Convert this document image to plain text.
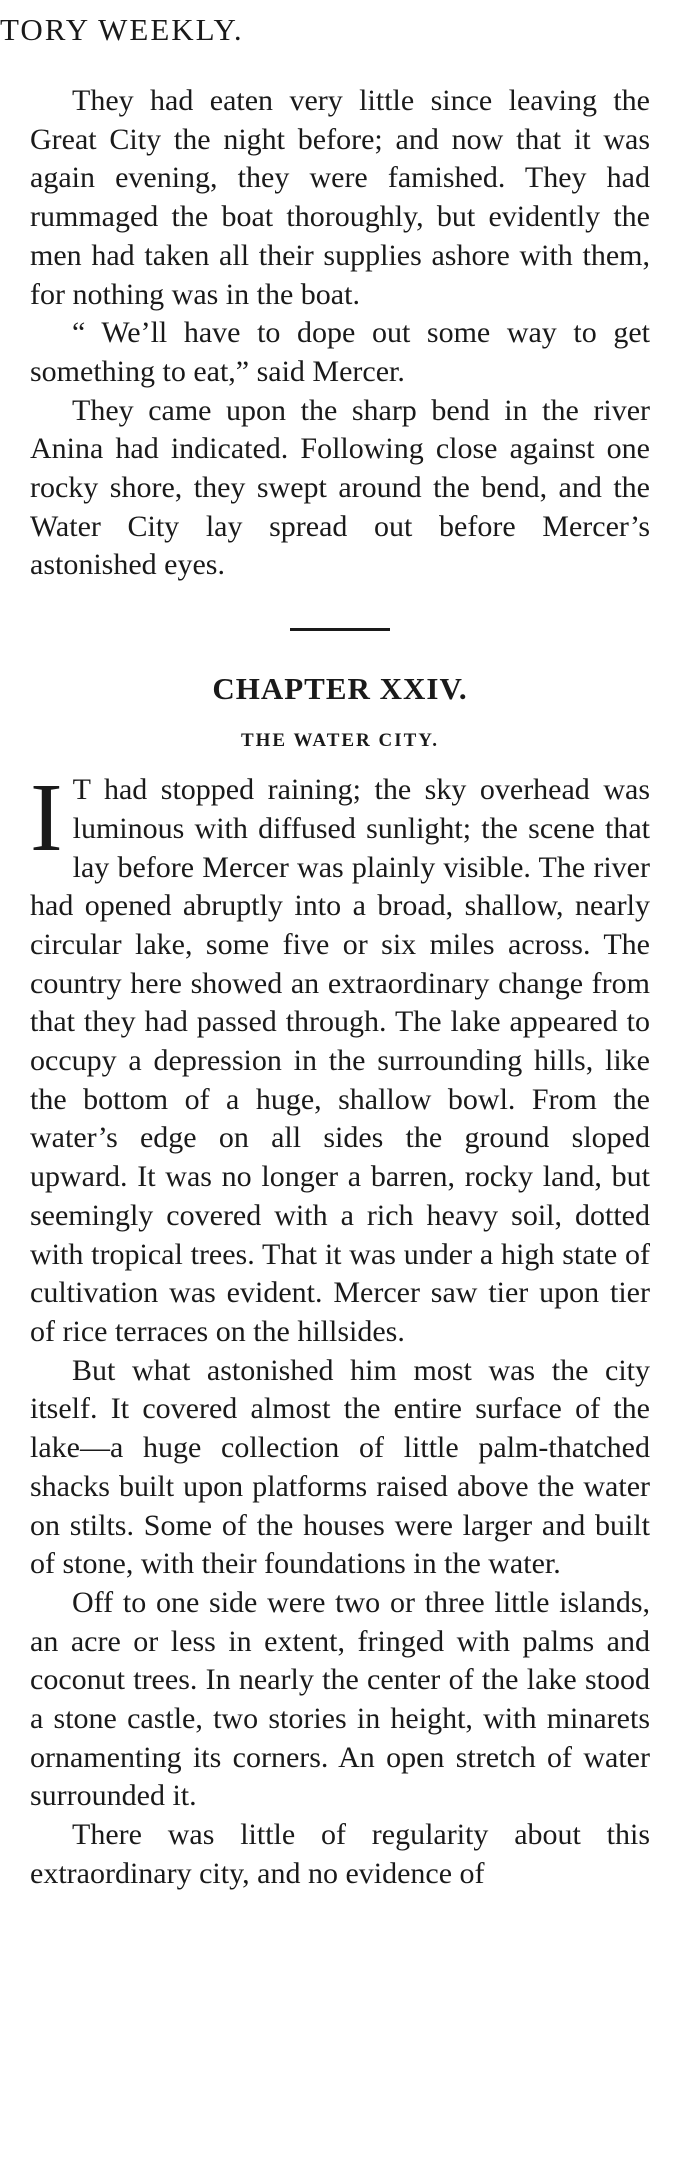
TORY WEEKLY.

They had eaten very little since leaving the Great City the night before; and now that it was again evening, they were famished. They had rummaged the boat thoroughly, but evidently the men had taken all their supplies ashore with them, for nothing was in the boat.

“ We’ll have to dope out some way to get something to eat,” said Mercer.

They came upon the sharp bend in the river Anina had indicated. Following close against one rocky shore, they swept around the bend, and the Water City lay spread out before Mercer’s astonished eyes.

CHAPTER XXIV.
THE WATER CITY.

I T had stopped raining; the sky overhead was luminous with diffused sunlight; the scene that lay before Mercer was plainly visible. The river had opened abruptly into a broad, shallow, nearly circular lake, some five or six miles across. The country here showed an extraordinary change from that they had passed through. The lake appeared to occupy a depression in the surrounding hills, like the bottom of a huge, shallow bowl. From the water’s edge on all sides the ground sloped upward. It was no longer a barren, rocky land, but seemingly covered with a rich heavy soil, dotted with tropical trees. That it was under a high state of cultivation was evident. Mercer saw tier upon tier of rice terraces on the hillsides.

But what astonished him most was the city itself. It covered almost the entire surface of the lake—a huge collection of little palm-thatched shacks built upon platforms raised above the water on stilts. Some of the houses were larger and built of stone, with their foundations in the water.

Off to one side were two or three little islands, an acre or less in extent, fringed with palms and coconut trees. In nearly the center of the lake stood a stone castle, two stories in height, with minarets ornamenting its corners. An open stretch of water surrounded it.

There was little of regularity about this extraordinary city, and no evidence of
